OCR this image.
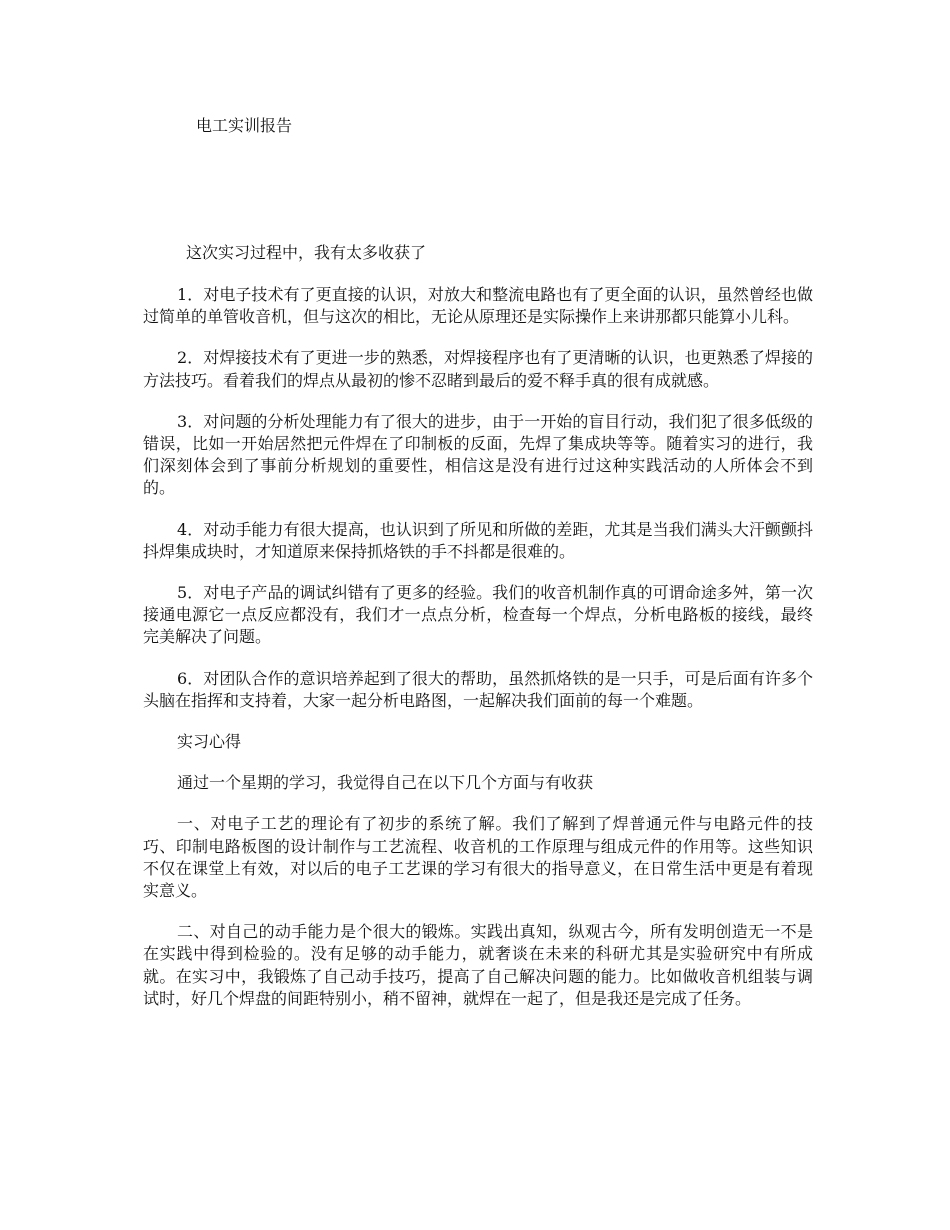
电工实训报告
这次实习过程中，我有太多收获了

1．对电子技术有了更直接的认识，对放大和整流电路也有了更全面的认识，虽然曾经也做过简单的单管收音机，但与这次的相比，无论从原理还是实际操作上来讲那都只能算小儿科。

2．对焊接技术有了更进一步的熟悉，对焊接程序也有了更清晰的认识，也更熟悉了焊接的方法技巧。看着我们的焊点从最初的惨不忍睹到最后的爱不释手真的很有成就感。

3．对问题的分析处理能力有了很大的进步，由于一开始的盲目行动，我们犯了很多低级的错误，比如一开始居然把元件焊在了印制板的反面，先焊了集成块等等。随着实习的进行，我们深刻体会到了事前分析规划的重要性，相信这是没有进行过这种实践活动的人所体会不到的。

4．对动手能力有很大提高，也认识到了所见和所做的差距，尤其是当我们满头大汗颤颤抖抖焊集成块时，才知道原来保持抓烙铁的手不抖都是很难的。

5．对电子产品的调试纠错有了更多的经验。我们的收音机制作真的可谓命途多舛，第一次接通电源它一点反应都没有，我们才一点点分析，检查每一个焊点，分析电路板的接线，最终完美解决了问题。

6．对团队合作的意识培养起到了很大的帮助，虽然抓烙铁的是一只手，可是后面有许多个头脑在指挥和支持着，大家一起分析电路图，一起解决我们面前的每一个难题。

实习心得

通过一个星期的学习，我觉得自己在以下几个方面与有收获

一、对电子工艺的理论有了初步的系统了解。我们了解到了焊普通元件与电路元件的技巧、印制电路板图的设计制作与工艺流程、收音机的工作原理与组成元件的作用等。这些知识不仅在课堂上有效，对以后的电子工艺课的学习有很大的指导意义，在日常生活中更是有着现实意义。

二、对自己的动手能力是个很大的锻炼。实践出真知，纵观古今，所有发明创造无一不是在实践中得到检验的。没有足够的动手能力，就奢谈在未来的科研尤其是实验研究中有所成就。在实习中，我锻炼了自己动手技巧，提高了自己解决问题的能力。比如做收音机组装与调试时，好几个焊盘的间距特别小，稍不留神，就焊在一起了，但是我还是完成了任务。
